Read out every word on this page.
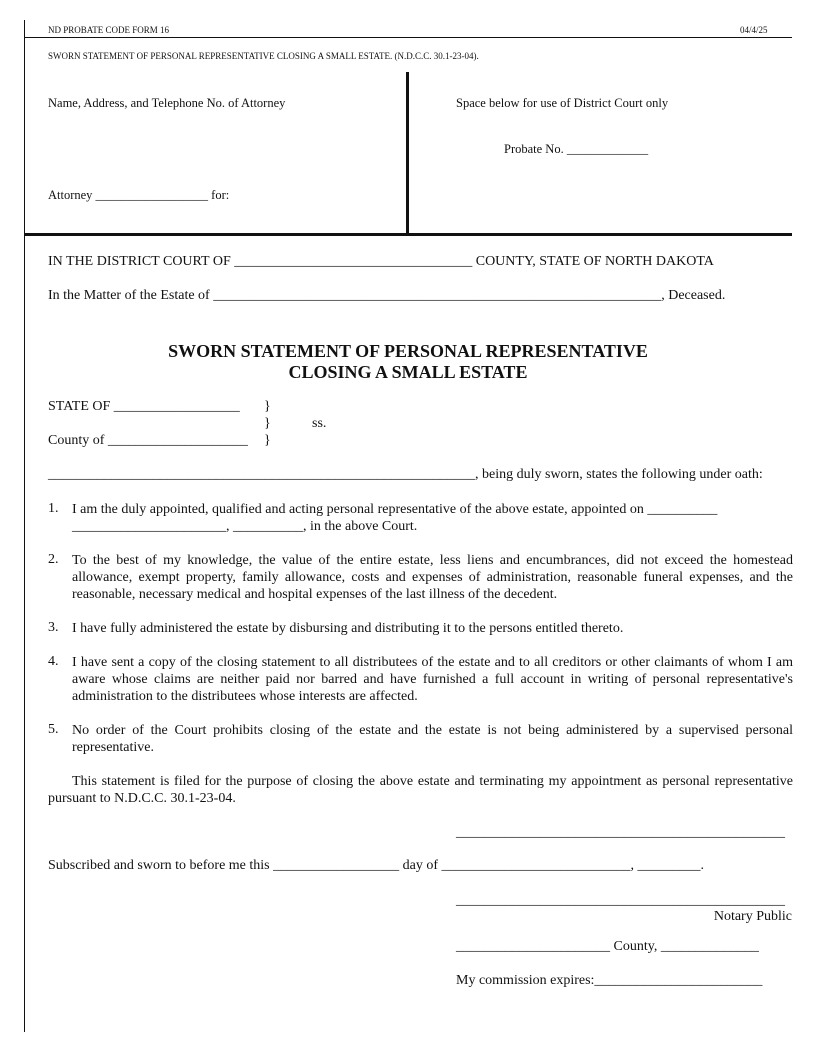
ND PROBATE CODE FORM 16	04/4/25
SWORN STATEMENT OF PERSONAL REPRESENTATIVE CLOSING A SMALL ESTATE. (N.D.C.C. 30.1-23-04).
Name, Address, and Telephone No. of Attorney
Attorney __________________ for:
Space below for use of District Court only
Probate No. _____________
IN THE DISTRICT COURT OF __________________________________ COUNTY, STATE OF NORTH DAKOTA
In the Matter of the Estate of ________________________________________________________________, Deceased.
SWORN STATEMENT OF PERSONAL REPRESENTATIVE
CLOSING A SMALL ESTATE
STATE OF __________________ }
}	ss.
County of ____________________ }
_____________________________________________________________, being duly sworn, states the following under oath:
1. I am the duly appointed, qualified and acting personal representative of the above estate, appointed on __________ ______________________, __________, in the above Court.
2. To the best of my knowledge, the value of the entire estate, less liens and encumbrances, did not exceed the homestead allowance, exempt property, family allowance, costs and expenses of administration, reasonable funeral expenses, and the reasonable, necessary medical and hospital expenses of the last illness of the decedent.
3. I have fully administered the estate by disbursing and distributing it to the persons entitled thereto.
4. I have sent a copy of the closing statement to all distributees of the estate and to all creditors or other claimants of whom I am aware whose claims are neither paid nor barred and have furnished a full account in writing of personal representative's administration to the distributees whose interests are affected.
5. No order of the Court prohibits closing of the estate and the estate is not being administered by a supervised personal representative.
This statement is filed for the purpose of closing the above estate and terminating my appointment as personal representative pursuant to N.D.C.C. 30.1-23-04.
_______________________________________________
Subscribed and sworn to before me this __________________ day of ___________________________, _________.
_______________________________________________
Notary Public
______________________ County, ______________
My commission expires:________________________
